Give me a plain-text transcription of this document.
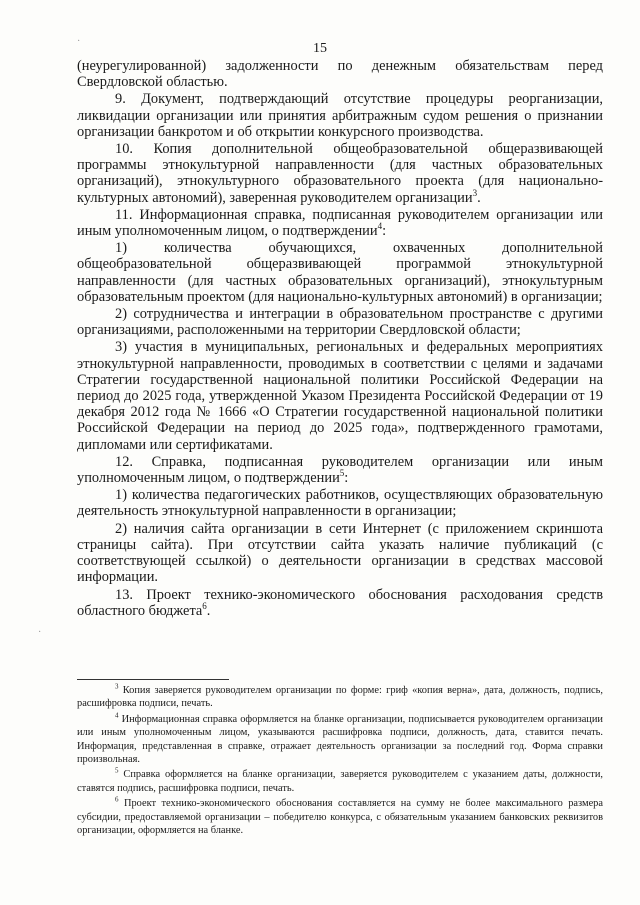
·
·
15

(неурегулированной) задолженности по денежным обязательствам перед Свердловской областью.

9. Документ, подтверждающий отсутствие процедуры реорганизации, ликвидации организации или принятия арбитражным судом решения о признании организации банкротом и об открытии конкурсного производства.

10. Копия дополнительной общеобразовательной общеразвивающей программы этнокультурной направленности (для частных образовательных организаций), этнокультурного образовательного проекта (для национально-культурных автономий), заверенная руководителем организации$^3$.

11. Информационная справка, подписанная руководителем организации или иным уполномоченным лицом, о подтверждении$^4$:

1) количества обучающихся, охваченных дополнительной общеобразовательной общеразвивающей программой этнокультурной направленности (для частных образовательных организаций), этнокультурным образовательным проектом (для национально-культурных автономий) в организации;

2) сотрудничества и интеграции в образовательном пространстве с другими организациями, расположенными на территории Свердловской области;

3) участия в муниципальных, региональных и федеральных мероприятиях этнокультурной направленности, проводимых в соответствии с целями и задачами Стратегии государственной национальной политики Российской Федерации на период до 2025 года, утвержденной Указом Президента Российской Федерации от 19 декабря 2012 года № 1666 «О Стратегии государственной национальной политики Российской Федерации на период до 2025 года», подтвержденного грамотами, дипломами или сертификатами.

12. Справка, подписанная руководителем организации или иным уполномоченным лицом, о подтверждении$^5$:

1) количества педагогических работников, осуществляющих образовательную деятельность этнокультурной направленности в организации;

2) наличия сайта организации в сети Интернет (с приложением скриншота страницы сайта). При отсутствии сайта указать наличие публикаций (с соответствующей ссылкой) о деятельности организации в средствах массовой информации.

13. Проект технико-экономического обоснования расходования средств областного бюджета$^6$.

$^3$ Копия заверяется руководителем организации по форме: гриф «копия верна», дата, должность, подпись, расшифровка подписи, печать.

$^4$ Информационная справка оформляется на бланке организации, подписывается руководителем организации или иным уполномоченным лицом, указываются расшифровка подписи, должность, дата, ставится печать. Информация, представленная в справке, отражает деятельность организации за последний год. Форма справки произвольная.

$^5$ Справка оформляется на бланке организации, заверяется руководителем с указанием даты, должности, ставятся подпись, расшифровка подписи, печать.

$^6$ Проект технико-экономического обоснования составляется на сумму не более максимального размера субсидии, предоставляемой организации – победителю конкурса, с обязательным указанием банковских реквизитов организации, оформляется на бланке.
